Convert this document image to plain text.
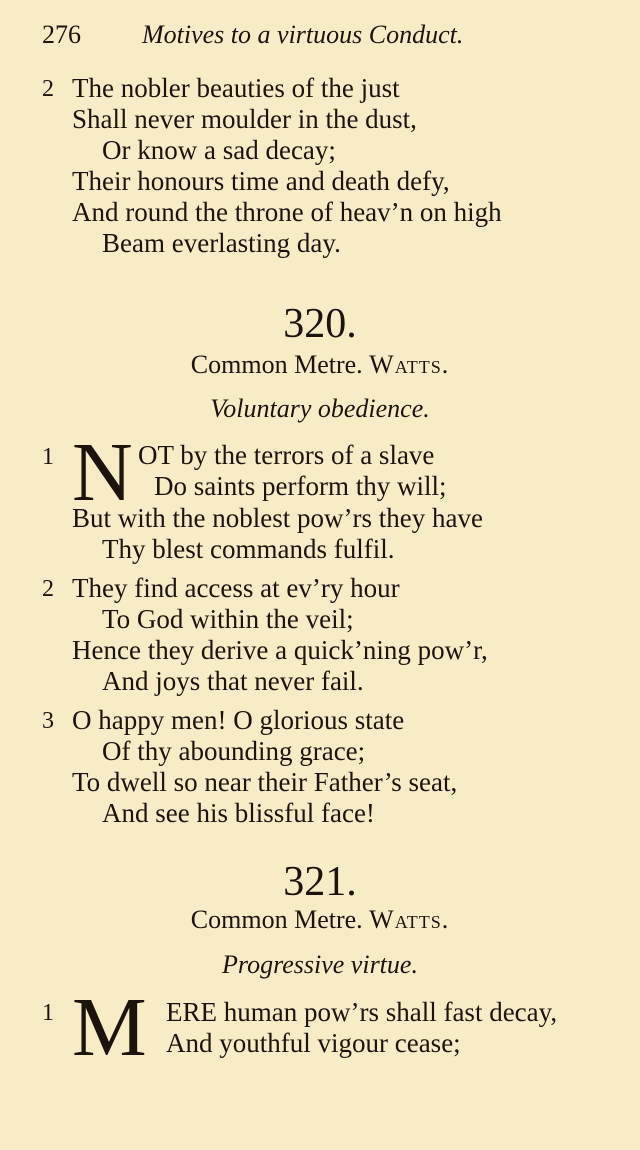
276 Motives to a virtuous Conduct.
2 The nobler beauties of the just
Shall never moulder in the dust,
Or know a sad decay;
Their honours time and death defy,
And round the throne of heav’n on high
Beam everlasting day.
320.
Common Metre. Watts.
Voluntary obedience.
1 N OT by the terrors of a slave
Do saints perform thy will;
But with the noblest pow’rs they have
Thy blest commands fulfil.
2 They find access at ev’ry hour
To God within the veil;
Hence they derive a quick’ning pow’r,
And joys that never fail.
3 O happy men! O glorious state
Of thy abounding grace;
To dwell so near their Father’s seat,
And see his blissful face!
321.
Common Metre. Watts.
Progressive virtue.
1 M ERE human pow’rs shall fast decay,
And youthful vigour cease;
